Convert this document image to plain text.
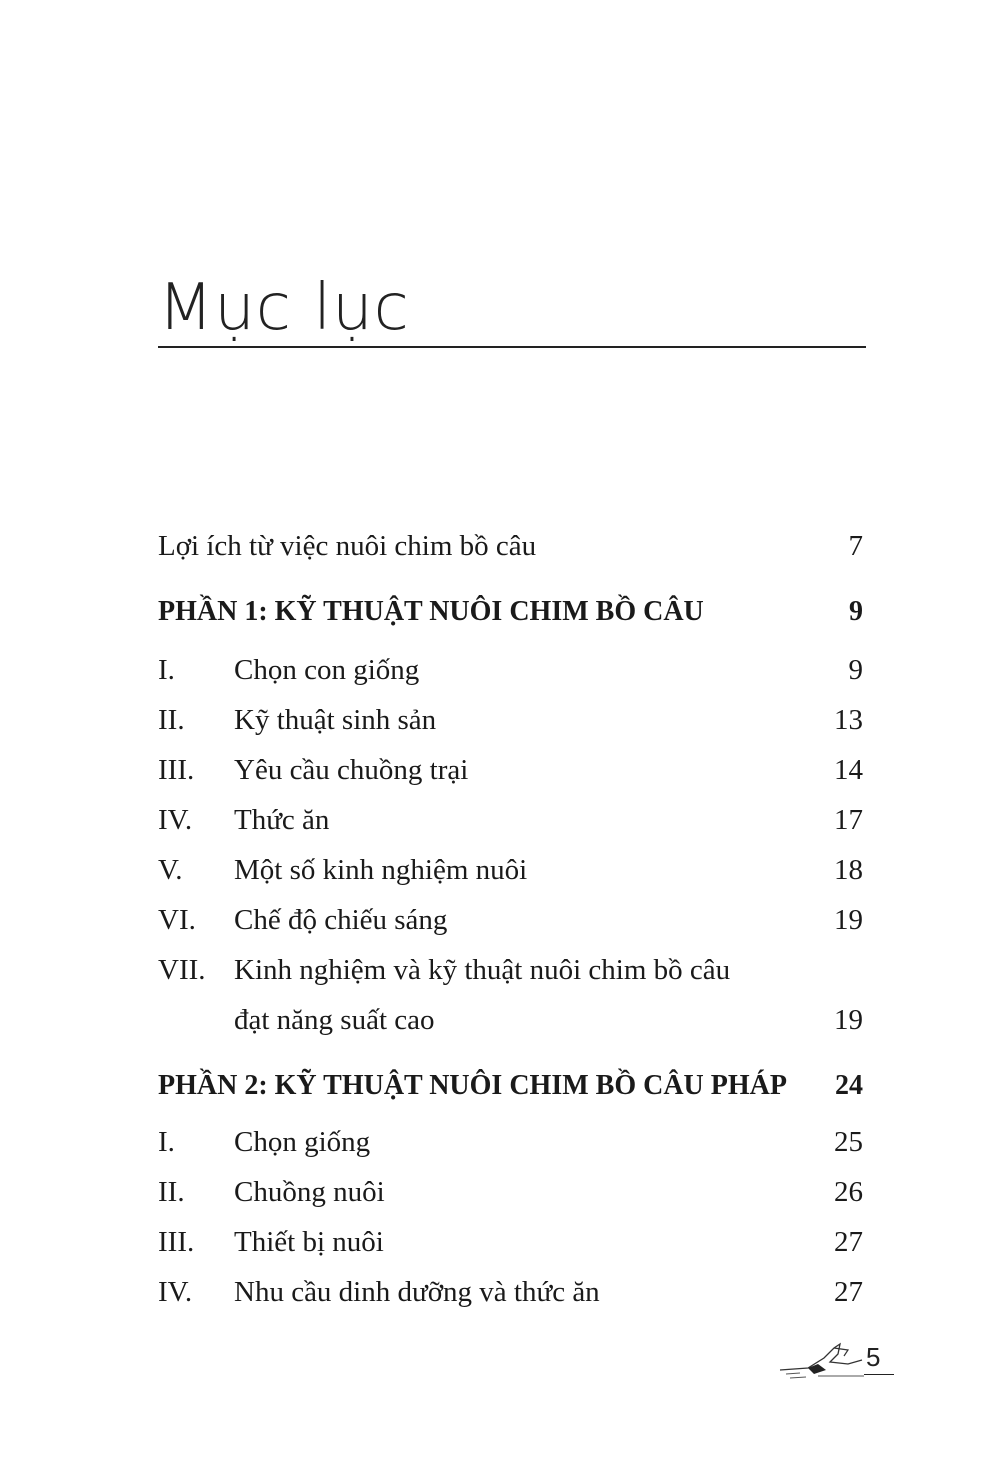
Mục lục
Lợi ích từ việc nuôi chim bồ câu	7
PHẦN 1: KỸ THUẬT NUÔI CHIM BỒ CÂU	9
I. Chọn con giống	9
II. Kỹ thuật sinh sản	13
III. Yêu cầu chuồng trại	14
IV. Thức ăn	17
V. Một số kinh nghiệm nuôi	18
VI. Chế độ chiếu sáng	19
VII. Kinh nghiệm và kỹ thuật nuôi chim bồ câu
đạt năng suất cao	19
PHẦN 2: KỸ THUẬT NUÔI CHIM BỒ CÂU PHÁP 24
I. Chọn giống	25
II. Chuồng nuôi	26
III. Thiết bị nuôi	27
IV. Nhu cầu dinh dưỡng và thức ăn	27
5
